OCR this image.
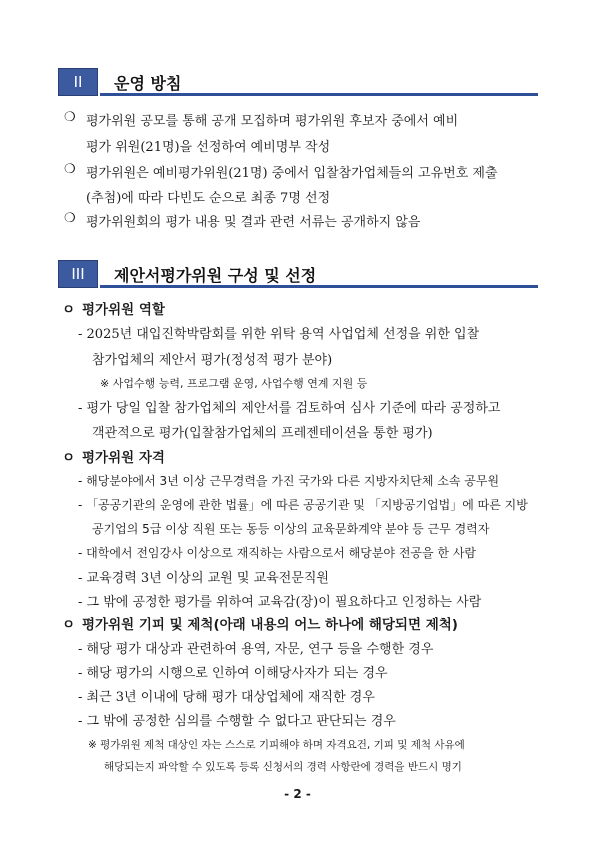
II	운영 방침
❍ 평가위원 공모를 통해 공개 모집하며 평가위원 후보자 중에서 예비
평가 위원(21명)을 선정하여 예비명부 작성
❍ 평가위원은 예비평가위원(21명) 중에서 입찰참가업체들의 고유번호 제출
(추첨)에 따라 다빈도 순으로 최종 7명 선정
❍ 평가위원회의 평가 내용 및 결과 관련 서류는 공개하지 않음
III	제안서평가위원 구성 및 선정
ㅇ 평가위원 역할
- 2025년 대입진학박람회를 위한 위탁 용역 사업업체 선정을 위한 입찰
참가업체의 제안서 평가(정성적 평가 분야)
※ 사업수행 능력, 프로그램 운영, 사업수행 연계 지원 등
- 평가 당일 입찰 참가업체의 제안서를 검토하여 심사 기준에 따라 공정하고
객관적으로 평가(입찰참가업체의 프레젠테이션을 통한 평가)
ㅇ 평가위원 자격
- 해당분야에서 3년 이상 근무경력을 가진 국가와 다른 지방자치단체 소속 공무원
- 「공공기관의 운영에 관한 법률」에 따른 공공기관 및 「지방공기업법」에 따른 지방
공기업의 5급 이상 직원 또는 동등 이상의 교육문화계약 분야 등 근무 경력자
- 대학에서 전임강사 이상으로 재직하는 사람으로서 해당분야 전공을 한 사람
- 교육경력 3년 이상의 교원 및 교육전문직원
- 그 밖에 공정한 평가를 위하여 교육감(장)이 필요하다고 인정하는 사람
ㅇ 평가위원 기피 및 제척(아래 내용의 어느 하나에 해당되면 제척)
- 해당 평가 대상과 관련하여 용역, 자문, 연구 등을 수행한 경우
- 해당 평가의 시행으로 인하여 이해당사자가 되는 경우
- 최근 3년 이내에 당해 평가 대상업체에 재직한 경우
- 그 밖에 공정한 심의를 수행할 수 없다고 판단되는 경우
※ 평가위원 제척 대상인 자는 스스로 기피해야 하며 자격요건, 기피 및 제척 사유에
해당되는지 파악할 수 있도록 등록 신청서의 경력 사항란에 경력을 반드시 명기
- 2 -
